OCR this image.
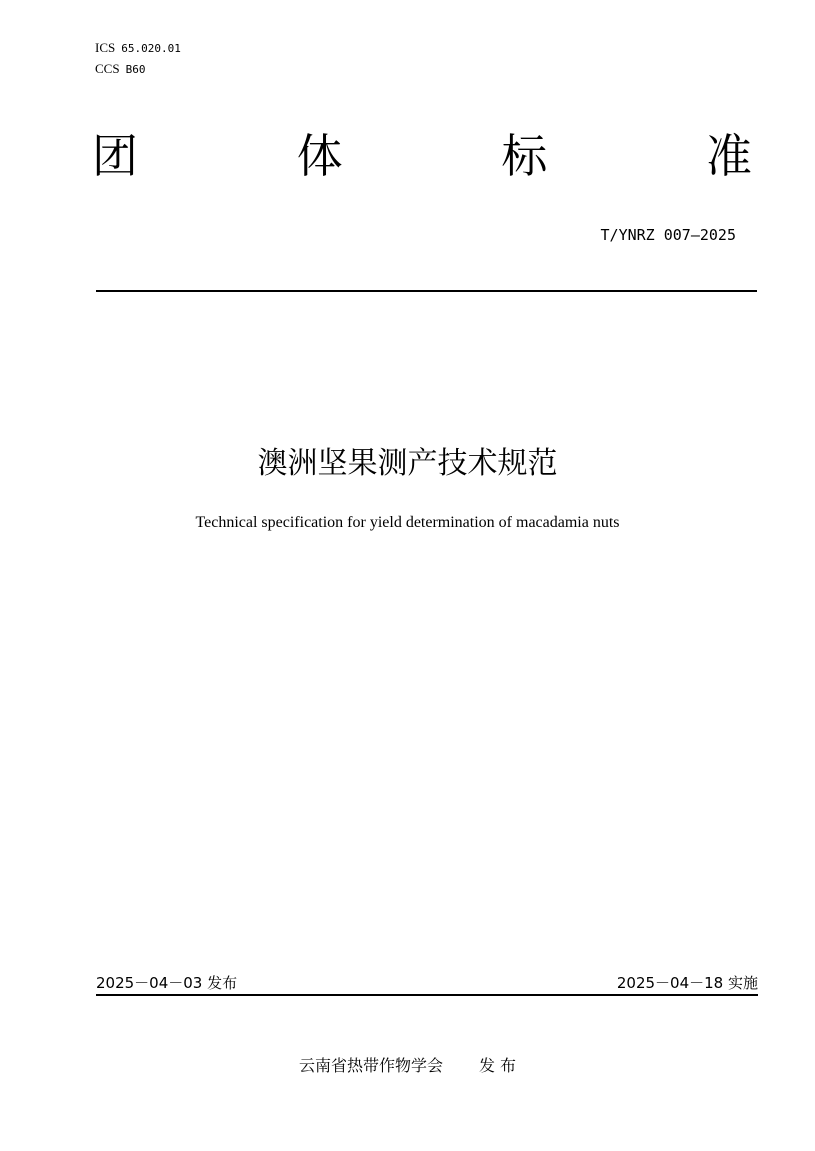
ICS 65.020.01
CCS B60
团	体	标	准
T/YNRZ 007—2025
澳洲坚果测产技术规范
Technical specification for yield determination of macadamia nuts
2025－04－03 发布	2025－04－18 实施
云南省热带作物学会 发 布
